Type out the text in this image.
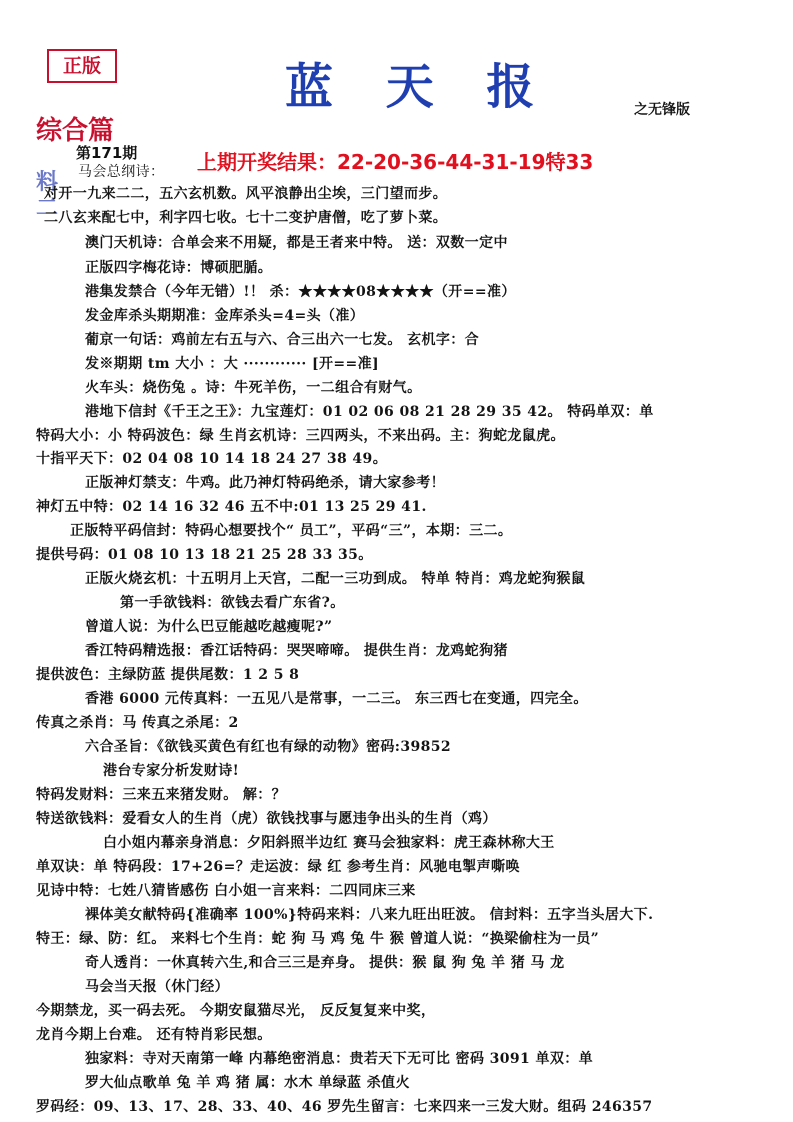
正版	蓝 天 报	之无锋版
综合篇
第171期	上期开奖结果：22-20-36-44-31-19特33
料 二
马会总纲诗：
对开一九来二二，五六玄机数。风平浪静出尘埃，三门望而步。
二八玄来配七中，利字四七收。七十二变护唐僧，吃了萝卜菜。
澳门天机诗：合单会来不用疑，都是王者来中特。 送：双数一定中
正版四字梅花诗：博硕肥腯。
港集发禁合（今年无错）!！ 杀：★★★★08★★★★（开==准）
发金库杀头期期准：金库杀头=4=头（准）
葡京一句话：鸡前左右五与六、合三出六一七发。 玄机字：合
发※期期 tm 大小 ：大 ············ [开==准]
火车头：烧伤兔 。诗：牛死羊伤，一二组合有财气。
港地下信封《千王之王》：九宝莲灯：01 02 06 08 21 28 29 35 42。 特码单双：单
特码大小：小 特码波色：绿 生肖玄机诗：三四两头，不来出码。主：狗蛇龙鼠虎。
十指平天下：02 04 08 10 14 18 24 27 38 49。
正版神灯禁支：牛鸡。此乃神灯特码绝杀，请大家参考！
神灯五中特：02 14 16 32 46 五不中:01 13 25 29 41.
正版特平码信封：特码心想要找个“ 员工”，平码“三”，本期：三二。
提供号码：01 08 10 13 18 21 25 28 33 35。
正版火烧玄机：十五明月上天宫，二配一三功到成。 特单 特肖：鸡龙蛇狗猴鼠
第一手欲钱料：欲钱去看广东省?。
曾道人说：为什么巴豆能越吃越瘦呢?”
香江特码精选报：香江话特码：哭哭啼啼。 提供生肖：龙鸡蛇狗猪
提供波色：主绿防蓝 提供尾数：1 2 5 8
香港 6000 元传真料：一五见八是常事，一二三。 东三西七在变通，四完全。
传真之杀肖：马 传真之杀尾：2
六合圣旨：《欲钱买黄色有红也有绿的动物》密码:39852
港台专家分析发财诗!
特码发财料：三来五来猪发财。 解：？
特送欲钱料：爱看女人的生肖（虎）欲钱找事与愿违争出头的生肖（鸡）
白小姐内幕亲身消息：夕阳斜照半边红 赛马会独家料：虎王森林称大王
单双诀：单 特码段：17+26=？走运波：绿 红 参考生肖：风驰电掣声嘶唤
见诗中特：七姓八猜皆感伤 白小姐一言来料：二四同床三来
裸体美女献特码{准确率 100%}特码来料：八来九旺出旺波。 信封料：五字当头居大下.
特王：绿、防：红。 来料七个生肖：蛇 狗 马 鸡 兔 牛 猴 曾道人说：“换梁偷柱为一员”
奇人透肖：一休真转六生,和合三三是弃身。 提供：猴 鼠 狗 兔 羊 猪 马 龙
马会当天报（休门经）
今期禁龙，买一码去死。 今期安鼠猫尽光， 反反复复来中奖，
龙肖今期上台难。 还有特肖彩民想。
独家料：寺对天南第一峰 内幕绝密消息：贵若天下无可比 密码 3091 单双：单
罗大仙点歌单 兔 羊 鸡 猪 属：水木 单绿蓝 杀值火
罗码经：09、13、17、28、33、40、46 罗先生留言：七来四来一三发大财。组码 246357
